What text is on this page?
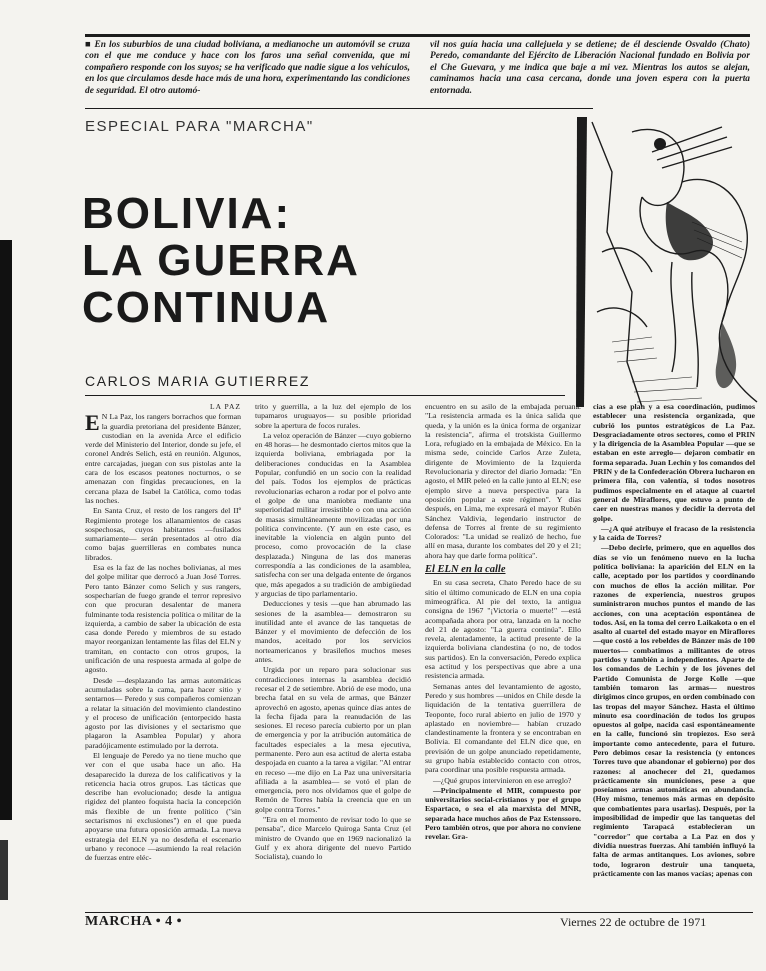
■ En los suburbios de una ciudad boliviana, a medianoche un automóvil se cruza con el que me conduce y hace con los faros una señal convenida, que mi compañero responde con los suyos; se ha verificado que nadie sigue a los vehículos, en los que circulamos desde hace más de una hora, experimentando las condiciones de seguridad. El otro automó-
vil nos guía hacia una callejuela y se detiene; de él desciende Osvaldo (Chato) Peredo, comandante del Ejército de Liberación Nacional fundado en Bolivia por el Che Guevara, y me indica que baje a mi vez. Mientras los autos se alejan, caminamos hacia una casa cercana, donde una joven espera con la puerta entornada.
ESPECIAL PARA "MARCHA"
BOLIVIA:
LA GUERRA
CONTINUA
CARLOS MARIA GUTIERREZ
LA PAZ

E N La Paz, los rangers borrachos que forman la guardia pretoriana del presidente Bánzer, custodian en la avenida Arce el edificio verde del Ministerio del Interior, donde su jefe, el coronel Andrés Selich, está en reunión. Algunos, entre carcajadas, juegan con sus pistolas ante la cara de los escasos peatones nocturnos, o se amenazan con fingidas precauciones, en la cercana plaza de Isabel la Católica, como todas las noches.

En Santa Cruz, el resto de los rangers del IIº Regimiento protege los allanamientos de casas sospechosas, cuyos habitantes —fusilados sumariamente— serán presentados al otro día como bajas guerrilleras en combates nunca librados.

Esa es la faz de las noches bolivianas, al mes del golpe militar que derrocó a Juan José Torres. Pero tanto Bánzer como Selich y sus rangers, sospecharían de fuego grande el terror represivo con que procuran desalentar de manera fulminante toda resistencia política o militar de la izquierda, a cambio de saber la ubicación de esta casa donde Peredo y miembros de su estado mayor reorganizan lentamente las filas del ELN y tramitan, en contacto con otros grupos, la unificación de una respuesta armada al golpe de agosto.

Desde —desplazando las armas automáticas acumuladas sobre la cama, para hacer sitio y sentarnos— Peredo y sus compañeros comienzan a relatar la situación del movimiento clandestino y el proceso de unificación (entorpecido hasta agosto por las divisiones y el sectarismo que plagaron la Asamblea Popular) y ahora paradójicamente estimulado por la derrota.

El lenguaje de Peredo ya no tiene mucho que ver con el que usaba hace un año. Ha desaparecido la dureza de los calificativos y la reticencia hacia otros grupos. Las tácticas que describe han evolucionado; desde la antigua rigidez del planteo foquista hacia la concepción más flexible de un frente político ("sin sectarismos ni exclusiones") en el que pueda apoyarse una futura oposición armada. La nueva estrategia del ELN ya no desdeña el escenario urbano y reconoce —asumiendo la real relación de fuerzas entre eléc-

trito y guerrilla, a la luz del ejemplo de los tupamaros uruguayos— su posible prioridad sobre la apertura de focos rurales.

La veloz operación de Bánzer —cuyo gobierno en 48 horas— he desmontado ciertos mitos que la izquierda boliviana, embriagada por la deliberaciones conducidas en la Asamblea Popular, confundió en un socio con la realidad del país. Todos los ejemplos de prácticas revolucionarias echaron a rodar por el polvo ante el golpe de una maniobra mediante una superioridad militar irresistible o con una acción de masas simultáneamente movilizadas por una política convincente. (Y aun en este caso, es inevitable la violencia en algún punto del proceso, como provocación de la clase desplazada.) Ninguna de las dos maneras correspondía a las condiciones de la asamblea, satisfecha con ser una delgada entente de órganos que, más apegados a su tradición de ambigüedad y argucias de tipo parlamentario.

Deducciones y tesis —que han abrumado las sesiones de la asamblea— demostraron su inutilidad ante el avance de las tanquetas de Bánzer y el movimiento de defección de los mandos, aceitado por los servicios norteamericanos y brasileños muchos meses antes.

Urgida por un reparo para solucionar sus contradicciones internas la asamblea decidió recesar el 2 de setiembre. Abrió de ese modo, una brecha fatal en su vela de armas, que Bánzer aprovechó en agosto, apenas quince días antes de la fecha fijada para la reanudación de las sesiones. El receso parecía cubierto por un plan de emergencia y por la atribución automática de facultades especiales a la mesa ejecutiva, permanente. Pero aun esa actitud de alerta estaba despojada en cuanto a la tarea a vigilar. "Al entrar en receso —me dijo en La Paz una universitaria afiliada a la asamblea— se votó el plan de emergencia, pero nos olvidamos que el golpe de Remón de Torres había la creencia que en un golpe contra Torres."

"Era en el momento de revisar todo lo que se pensaba", dice Marcelo Quiroga Santa Cruz (el ministro de Ovando que en 1969 nacionalizó la Gulf y ex ahora dirigente del nuevo Partido Socialista), cuando lo

encuentro en su asilo de la embajada peruana. "La resistencia armada es la única salida que queda, y la unión es la única forma de organizar la resistencia", afirma el trotskista Guillermo Lora, refugiado en la embajada de México. En la misma sede, coincide Carlos Arze Zuleta, dirigente de Movimiento de la Izquierda Revolucionaria y director del diario Jornada: "En agosto, el MIR peleó en la calle junto al ELN; ese ejemplo sirve a nueva perspectiva para la oposición popular a este régimen". Y días después, en Lima, me expresará el mayor Rubén Sánchez Valdivia, legendario instructor de defensa de Torres al frente de su regimiento Colorados: "La unidad se realizó de hecho, fue allí en masa, durante los combates del 20 y el 21; ahora hay que darle forma política".

El ELN en la calle

En su casa secreta, Chato Peredo hace de su sitio el último comunicado de ELN en una copia mimeográfica. Al pie del texto, la antigua consigna de 1967 "¡Victoria o muerte!" —está acompañada ahora por otra, lanzada en la noche del 21 de agosto: "La guerra continúa". Ello revela, alentadamente, la actitud presente de la izquierda boliviana clandestina (o no, de todos sus partidos). En la conversación, Peredo explica esa actitud y los perspectivas que abre a una resistencia armada.

Semanas antes del levantamiento de agosto, Peredo y sus hombres —unidos en Chile desde la liquidación de la tentativa guerrillera de Teoponte, foco rural abierto en julio de 1970 y aplastado en noviembre— habían cruzado clandestinamente la frontera y se encontraban en Bolivia. El comandante del ELN dice que, en previsión de un golpe anunciado repetidamente, su grupo había establecido contacto con otros, para coordinar una posible respuesta armada.

—¿Qué grupos intervinieron en ese arreglo?

—Principalmente el MIR, compuesto por universitarios social-cristianos y por el grupo Espartaco, o sea el ala marxista del MNR, separada hace muchos años de Paz Estenssoro. Pero también otros, que por ahora no conviene revelar. Gra-

cias a ese plan y a esa coordinación, pudimos establecer una resistencia organizada, que cubrió los puntos estratégicos de La Paz. Desgraciadamente otros sectores, como el PRIN y la dirigencia de la Asamblea Popular —que se estaban en este arreglo— dejaron combatir en forma separada. Juan Lechín y los comandos del PRIN y de la Confederación Obrera lucharon en primera fila, con valentía, si todos nosotros pudimos especialmente en el ataque al cuartel general de Miraflores, que estuvo a punto de caer en nuestras manos y decidir la derrota del golpe.

—¿A qué atribuye el fracaso de la resistencia y la caída de Torres?

—Debo decirle, primero, que en aquellos dos días se vio un fenómeno nuevo en la lucha política boliviana: la aparición del ELN en la calle, aceptado por los partidos y coordinando con muchos de ellos la acción militar. Por razones de experiencia, nuestros grupos suministraron muchos puntos el mando de las acciones, con una aceptación espontánea de todos. Así, en la toma del cerro Laikakota o en el asalto al cuartel del estado mayor en Miraflores —que costó a los rebeldes de Bánzer más de 100 muertos— combatimos a militantes de otros partidos y también a independientes. Aparte de los comandos de Lechín y de los jóvenes del Partido Comunista de Jorge Kolle —que también tomaron las armas— nuestros dirigimos cinco grupos, en orden combinado con las tropas del mayor Sánchez. Hasta el último minuto esa coordinación de todos los grupos opuestos al golpe, nacida casi espontáneamente en la calle, funcionó sin tropiezos. Eso será importante como antecedente, para el futuro. Pero debimos cesar la resistencia (y entonces Torres tuvo que abandonar el gobierno) por dos razones: al anochecer del 21, quedamos prácticamente sin municiones, pese a que poseíamos armas automáticas en abundancia. (Hoy mismo, tenemos más armas en depósito que combatientes para usarlas). Después, por la imposibilidad de impedir que las tanquetas del regimiento Tarapacá establecieran un "corredor" que cortaba a La Paz en dos y dividía nuestras fuerzas. Ahí también influyó la falta de armas antitanques. Los aviones, sobre todo, lograron destruir una tanqueta, prácticamente con las manos vacías; apenas con

MARCHA • 4 •	Viernes 22 de octubre de 1971
